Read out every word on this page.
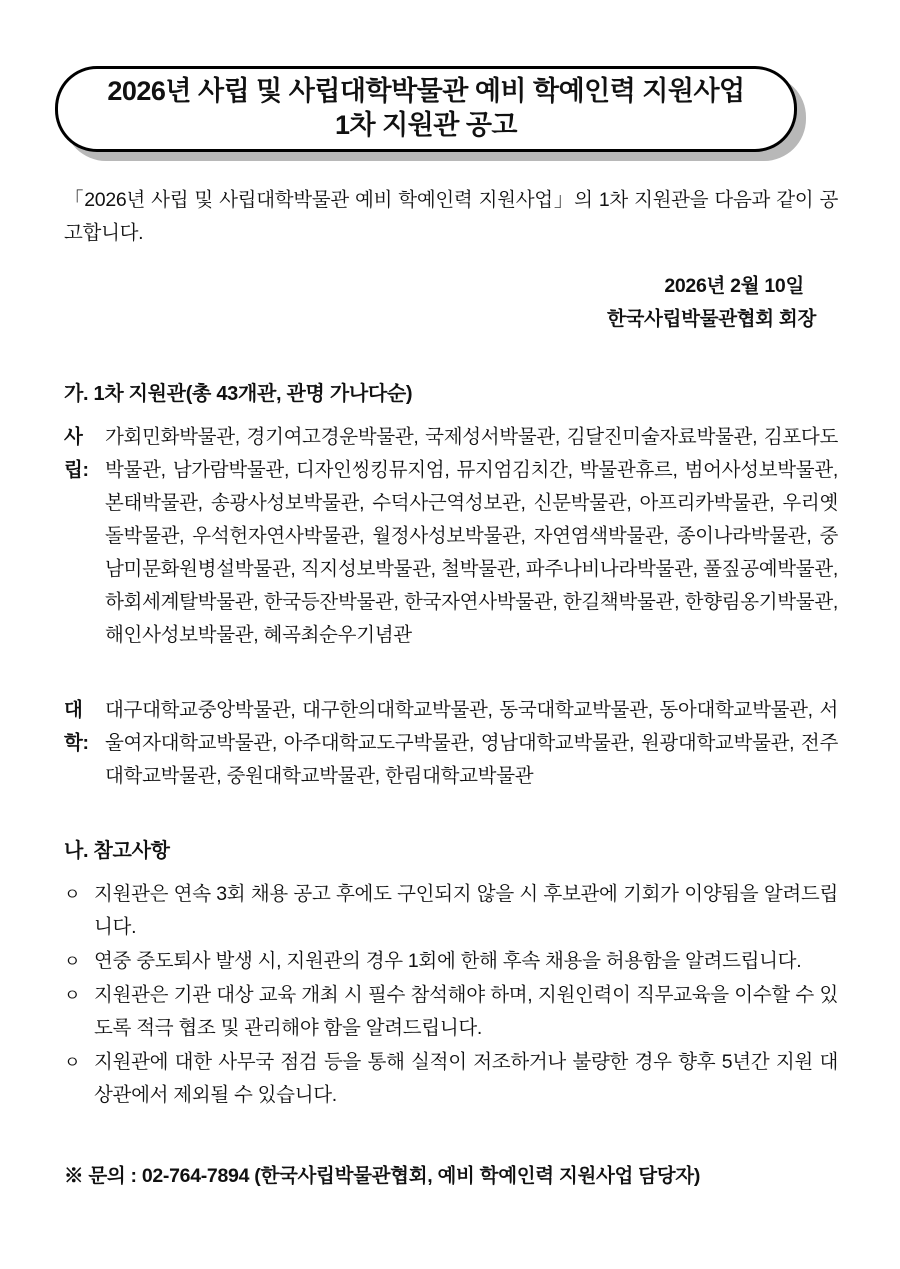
2026년 사립 및 사립대학박물관 예비 학예인력 지원사업
1차 지원관 공고

「2026년 사립 및 사립대학박물관 예비 학예인력 지원사업」의 1차 지원관을 다음과 같이 공고합니다.

2026년 2월 10일
한국사립박물관협회 회장
가. 1차 지원관(총 43개관, 관명 가나다순)
사립:
가회민화박물관, 경기여고경운박물관, 국제성서박물관, 김달진미술자료박물관, 김포다도박물관, 남가람박물관, 디자인씽킹뮤지엄, 뮤지엄김치간, 박물관휴르, 범어사성보박물관, 본태박물관, 송광사성보박물관, 수덕사근역성보관, 신문박물관, 아프리카박물관, 우리옛돌박물관, 우석헌자연사박물관, 월정사성보박물관, 자연염색박물관, 종이나라박물관, 중남미문화원병설박물관, 직지성보박물관, 철박물관, 파주나비나라박물관, 풀짚공예박물관, 하회세계탈박물관, 한국등잔박물관, 한국자연사박물관, 한길책박물관, 한향림옹기박물관, 해인사성보박물관, 혜곡최순우기념관
대학:
대구대학교중앙박물관, 대구한의대학교박물관, 동국대학교박물관, 동아대학교박물관, 서울여자대학교박물관, 아주대학교도구박물관, 영남대학교박물관, 원광대학교박물관, 전주대학교박물관, 중원대학교박물관, 한림대학교박물관
나. 참고사항
ㅇ 지원관은 연속 3회 채용 공고 후에도 구인되지 않을 시 후보관에 기회가 이양됨을 알려드립니다.
ㅇ 연중 중도퇴사 발생 시, 지원관의 경우 1회에 한해 후속 채용을 허용함을 알려드립니다.
ㅇ 지원관은 기관 대상 교육 개최 시 필수 참석해야 하며, 지원인력이 직무교육을 이수할 수 있도록 적극 협조 및 관리해야 함을 알려드립니다.
ㅇ 지원관에 대한 사무국 점검 등을 통해 실적이 저조하거나 불량한 경우 향후 5년간 지원 대상관에서 제외될 수 있습니다.
※ 문의 : 02-764-7894 (한국사립박물관협회, 예비 학예인력 지원사업 담당자)
